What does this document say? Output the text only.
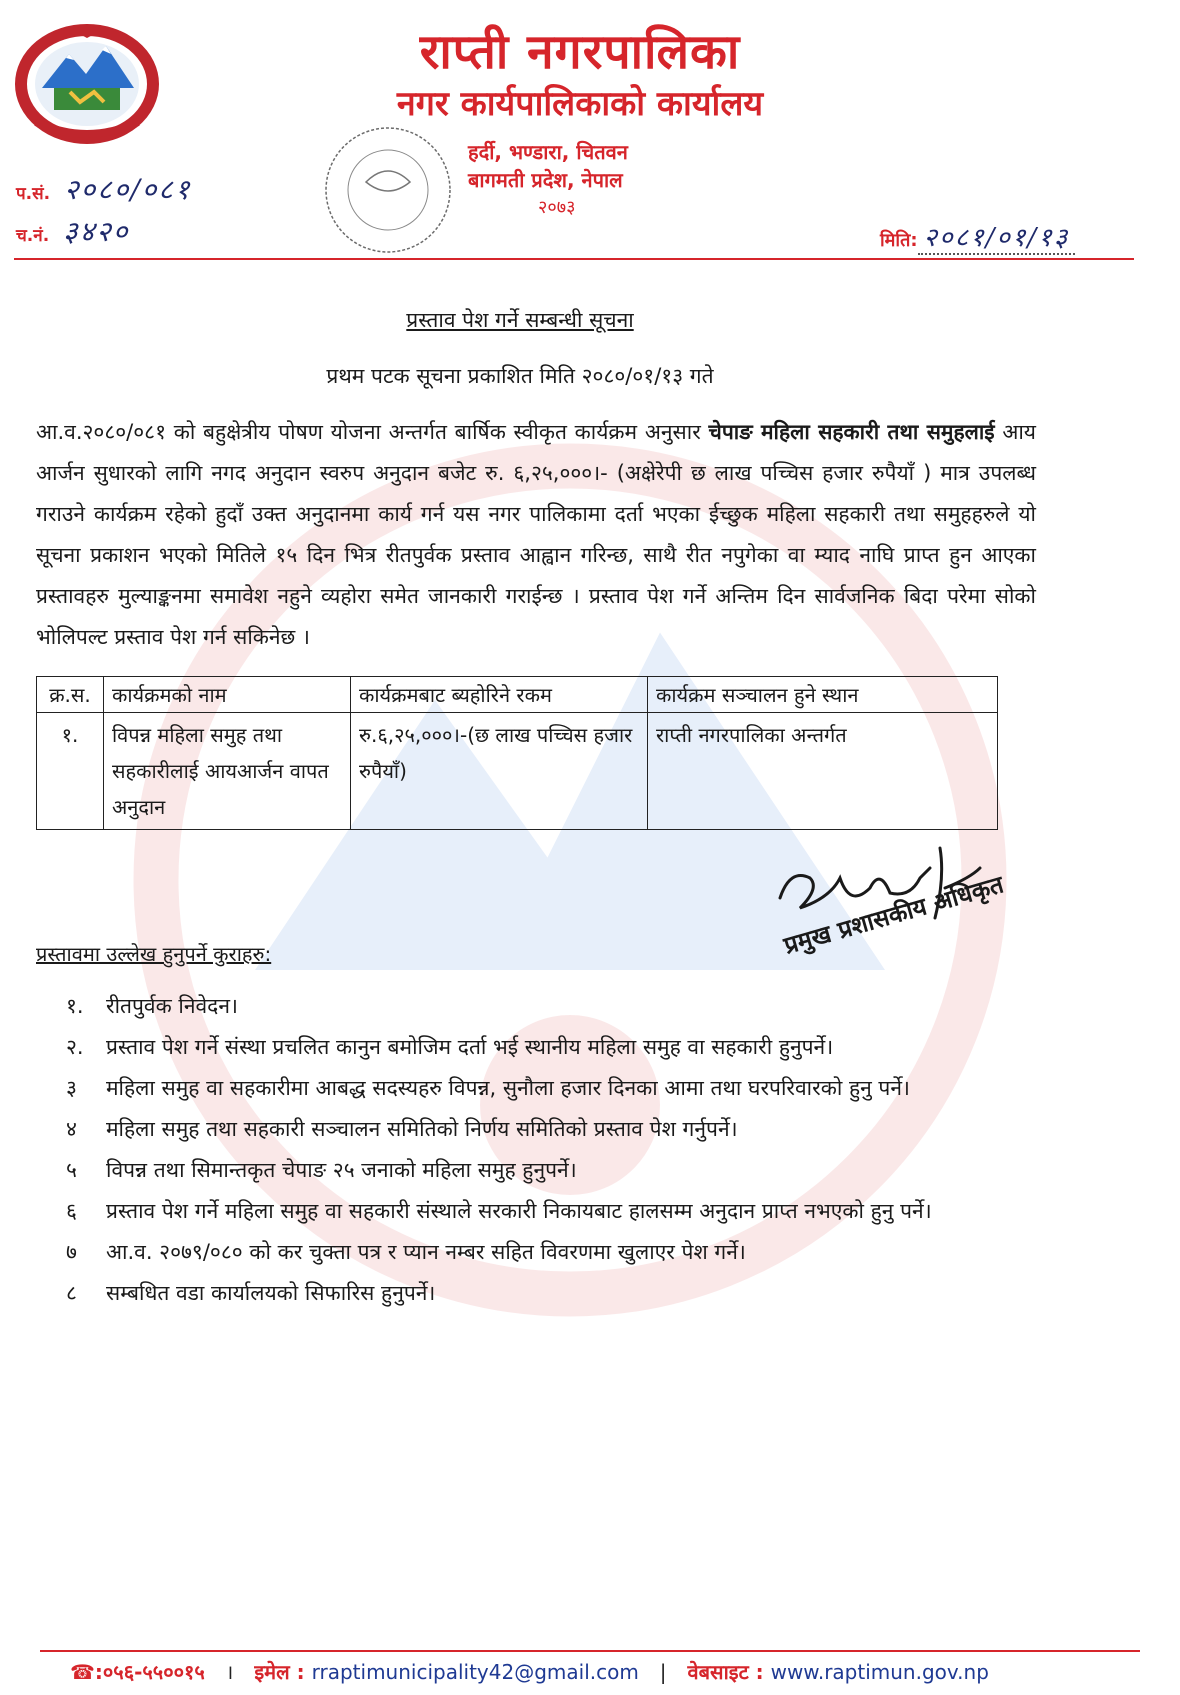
राप्ती नगरपालिका
नगर कार्यपालिकाको कार्यालय
हर्दी, भण्डारा, चितवन
बागमती प्रदेश, नेपाल
२०७३
प.सं. २०८०/०८१
च.नं. ३४२०	मिति: २०८१/०१/१३
प्रस्ताव पेश गर्ने सम्बन्धी सूचना
प्रथम पटक सूचना प्रकाशित मिति २०८०/०१/१३ गते
आ.व.२०८०/०८१ को बहुक्षेत्रीय पोषण योजना अन्तर्गत बार्षिक स्वीकृत कार्यक्रम अनुसार चेपाङ महिला सहकारी तथा समुहलाई आय आर्जन सुधारको लागि नगद अनुदान स्वरुप अनुदान बजेट रु. ६,२५,०००।- (अक्षेरेपी छ लाख पच्चिस हजार रुपैयाँ ) मात्र उपलब्ध गराउने कार्यक्रम रहेको हुदाँ उक्त अनुदानमा कार्य गर्न यस नगर पालिकामा दर्ता भएका ईच्छुक महिला सहकारी तथा समुहहरुले यो सूचना प्रकाशन भएको मितिले १५ दिन भित्र रीतपुर्वक प्रस्ताव आह्वान गरिन्छ, साथै रीत नपुगेका वा म्याद नाघि प्राप्त हुन आएका प्रस्तावहरु मुल्याङ्कनमा समावेश नहुने व्यहोरा समेत जानकारी गराईन्छ । प्रस्ताव पेश गर्ने अन्तिम दिन सार्वजनिक बिदा परेमा सोको भोलिपल्ट प्रस्ताव पेश गर्न सकिनेछ ।
क्र.स.	कार्यक्रमको नाम	कार्यक्रमबाट ब्यहोरिने रकम	कार्यक्रम सञ्चालन हुने स्थान
१.	विपन्न महिला समुह तथा सहकारीलाई आयआर्जन वापत अनुदान	रु.६,२५,०००।-(छ लाख पच्चिस हजार रुपैयाँ)	राप्ती नगरपालिका अन्तर्गत
प्रमुख प्रशासकीय अधिकृत
प्रस्तावमा उल्लेख हुनुपर्ने कुराहरु:
१. रीतपुर्वक निवेदन।
२. प्रस्ताव पेश गर्ने संस्था प्रचलित कानुन बमोजिम दर्ता भई स्थानीय महिला समुह वा सहकारी हुनुपर्ने।
३ महिला समुह वा सहकारीमा आबद्ध सदस्यहरु विपन्न, सुनौला हजार दिनका आमा तथा घरपरिवारको हुनु पर्ने।
४ महिला समुह तथा सहकारी सञ्चालन समितिको निर्णय समितिको प्रस्ताव पेश गर्नुपर्ने।
५ विपन्न तथा सिमान्तकृत चेपाङ २५ जनाको महिला समुह हुनुपर्ने।
६ प्रस्ताव पेश गर्ने महिला समुह वा सहकारी संस्थाले सरकारी निकायबाट हालसम्म अनुदान प्राप्त नभएको हुनु पर्ने।
७ आ.व. २०७९/०८० को कर चुक्ता पत्र र प्यान नम्बर सहित विवरणमा खुलाएर पेश गर्ने।
८ सम्बधित वडा कार्यालयको सिफारिस हुनुपर्ने।
☎:०५६-५५००१५ । इमेल : rraptimunicipality42@gmail.com | वेबसाइट : www.raptimun.gov.np
